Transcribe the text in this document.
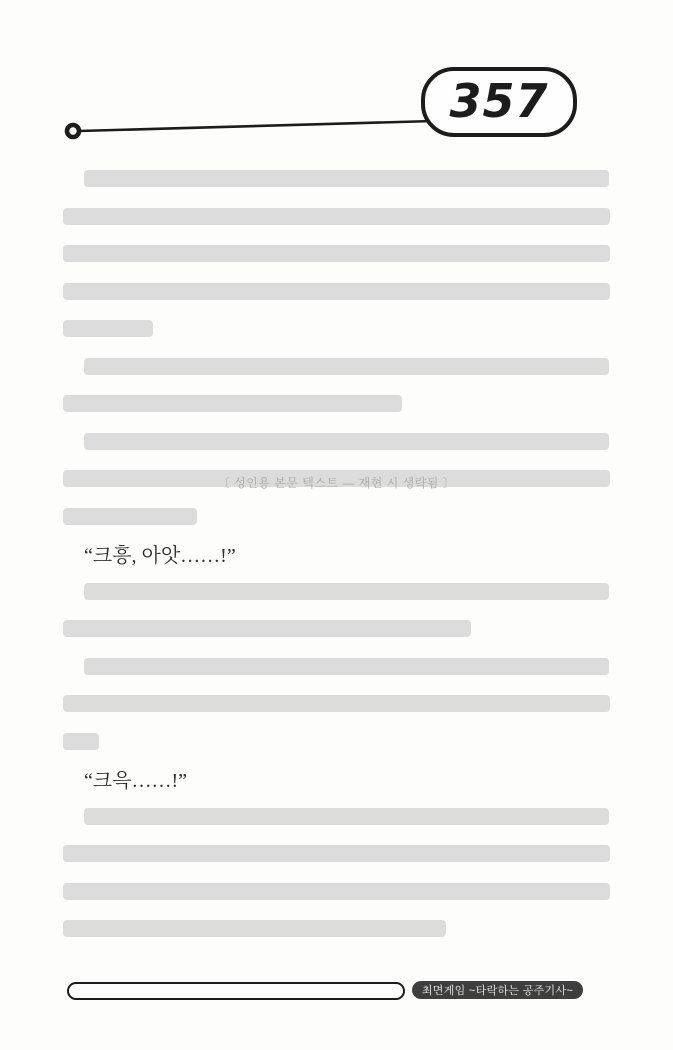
357
“크흥, 아앗……!”
“크윽……!”
〔 성인용 본문 텍스트 — 재현 시 생략됨 〕
최면게임 ~타락하는 공주기사~
